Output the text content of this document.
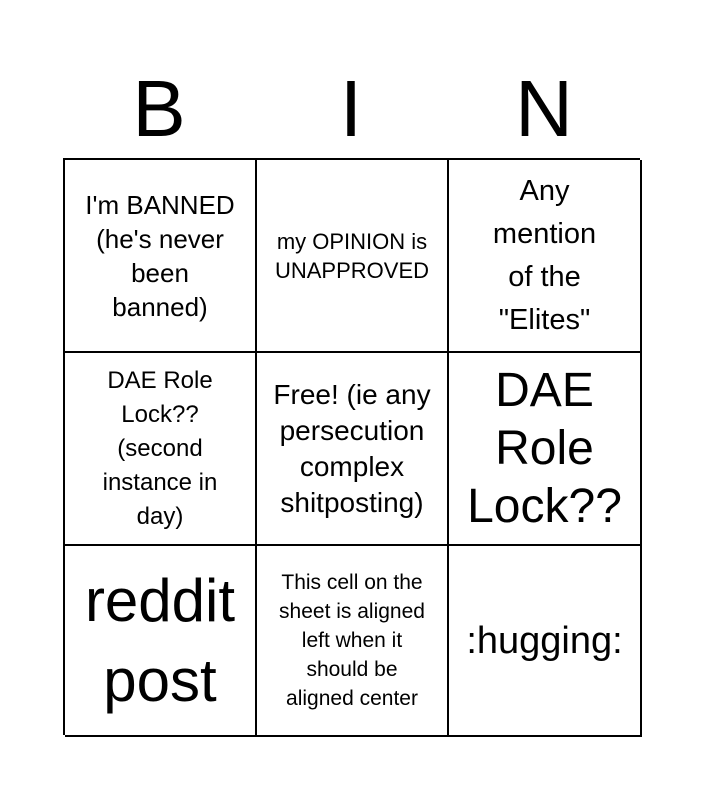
B	I	N
I'm BANNED
(he's never
been
banned)
my OPINION is
UNAPPROVED
Any
mention
of the
"Elites"
DAE Role
Lock??
(second
instance in
day)
Free! (ie any
persecution
complex
shitposting)
DAE
Role
Lock??
reddit
post
This cell on the
sheet is aligned
left when it
should be
aligned center
:hugging:
